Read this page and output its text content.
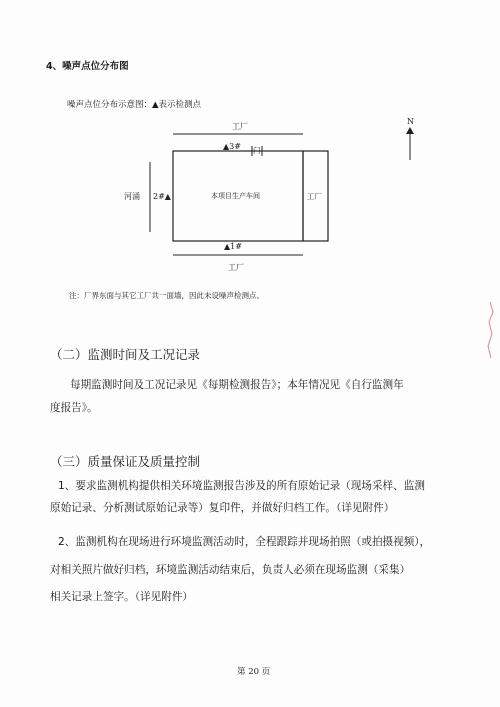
4、噪声点位分布图
噪声点位分布示意图：▲表示检测点
工厂
▲3# 门
本项目生产车间	工厂
河涌 2#▲
▲1#
工厂
N
注：厂界东面与其它工厂共一面墙，因此未设噪声检测点。
（二）监测时间及工况记录
每期监测时间及工况记录见《每期检测报告》；本年情况见《自行监测年
度报告》。
（三）质量保证及质量控制
1、要求监测机构提供相关环境监测报告涉及的所有原始记录（现场采样、监测
原始记录、分析测试原始记录等）复印件，并做好归档工作。（详见附件）
2、监测机构在现场进行环境监测活动时，全程跟踪并现场拍照（或拍摄视频），
对相关照片做好归档，环境监测活动结束后，负责人必须在现场监测（采集）
相关记录上签字。（详见附件）
第 20 页
